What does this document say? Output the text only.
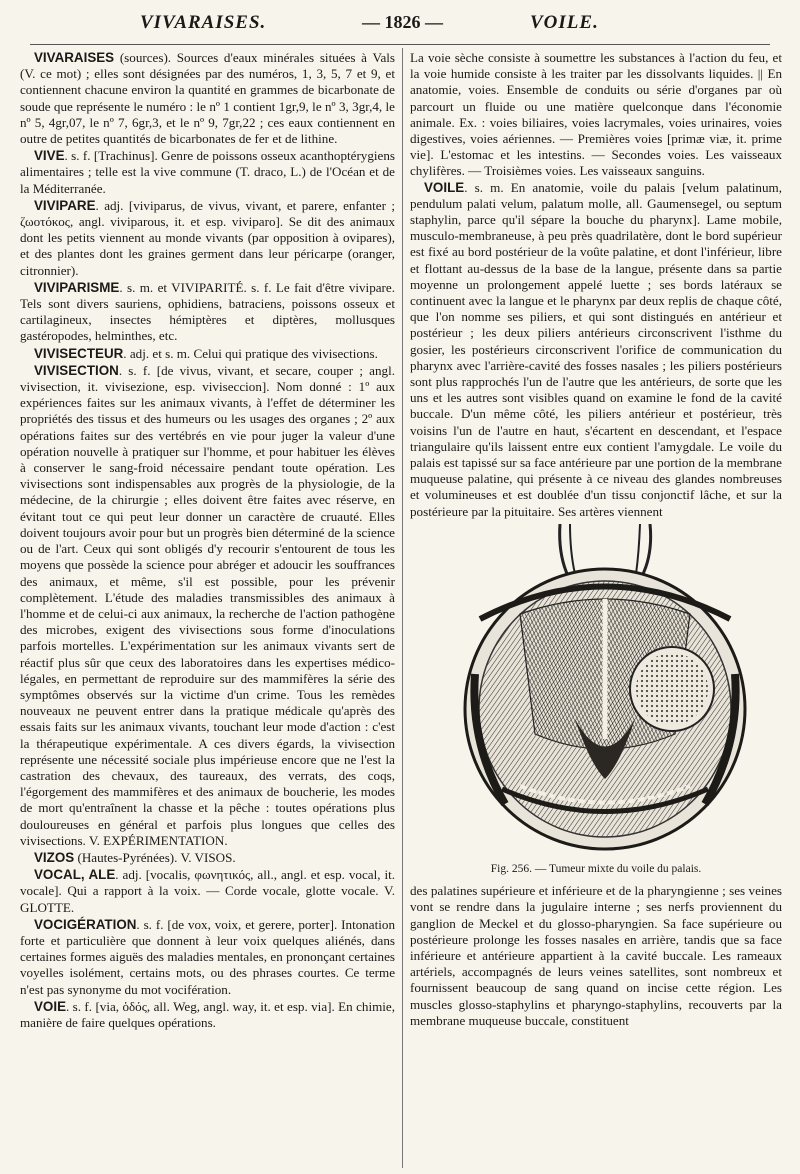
VIVARAISES.	— 1826 —	VOILE.

VIVARAISES (sources). Sources d'eaux minérales situées à Vals (V. ce mot) ; elles sont désignées par des numéros, 1, 3, 5, 7 et 9, et contiennent chacune environ la quantité en grammes de bicarbonate de soude que représente le numéro : le nº 1 contient 1gr,9, le nº 3, 3gr,4, le nº 5, 4gr,07, le nº 7, 6gr,3, et le nº 9, 7gr,22 ; ces eaux contiennent en outre de petites quantités de bicarbonates de fer et de lithine.

VIVE. s. f. [Trachinus]. Genre de poissons osseux acanthoptérygiens alimentaires ; telle est la vive commune (T. draco, L.) de l'Océan et de la Méditerranée.

VIVIPARE. adj. [viviparus, de vivus, vivant, et parere, enfanter ; ζωοτόκος, angl. viviparous, it. et esp. viviparo]. Se dit des animaux dont les petits viennent au monde vivants (par opposition à ovipares), et des plantes dont les graines germent dans leur péricarpe (oranger, citronnier).

VIVIPARISME. s. m. et VIVIPARITÉ. s. f. Le fait d'être vivipare. Tels sont divers sauriens, ophidiens, batraciens, poissons osseux et cartilagineux, insectes hémiptères et diptères, mollusques gastéropodes, helminthes, etc.

VIVISECTEUR. adj. et s. m. Celui qui pratique des vivisections.

VIVISECTION. s. f. [de vivus, vivant, et secare, couper ; angl. vivisection, it. vivisezione, esp. viviseccion]. Nom donné : 1º aux expériences faites sur les animaux vivants, à l'effet de déterminer les propriétés des tissus et des humeurs ou les usages des organes ; 2º aux opérations faites sur des vertébrés en vie pour juger la valeur d'une opération nouvelle à pratiquer sur l'homme, et pour habituer les élèves à conserver le sang-froid nécessaire pendant toute opération. Les vivisections sont indispensables aux progrès de la physiologie, de la médecine, de la chirurgie ; elles doivent être faites avec réserve, en évitant tout ce qui peut leur donner un caractère de cruauté. Elles doivent toujours avoir pour but un progrès bien déterminé de la science ou de l'art. Ceux qui sont obligés d'y recourir s'entourent de tous les moyens que possède la science pour abréger et adoucir les souffrances des animaux, et même, s'il est possible, pour les prévenir complètement. L'étude des maladies transmissibles des animaux à l'homme et de celui-ci aux animaux, la recherche de l'action pathogène des microbes, exigent des vivisections sous forme d'inoculations parfois mortelles. L'expérimentation sur les animaux vivants sert de réactif plus sûr que ceux des laboratoires dans les expertises médico-légales, en permettant de reproduire sur des mammifères la série des symptômes observés sur la victime d'un crime. Tous les remèdes nouveaux ne peuvent entrer dans la pratique médicale qu'après des essais faits sur les animaux vivants, touchant leur mode d'action : c'est la thérapeutique expérimentale. A ces divers égards, la vivisection représente une nécessité sociale plus impérieuse encore que ne l'est la castration des chevaux, des taureaux, des verrats, des coqs, l'égorgement des mammifères et des animaux de boucherie, les modes de mort qu'entraînent la chasse et la pêche : toutes opérations plus douloureuses en général et parfois plus longues que celles des vivisections. V. EXPÉRIMENTATION.

VIZOS (Hautes-Pyrénées). V. VISOS.

VOCAL, ALE. adj. [vocalis, φωνητικός, all., angl. et esp. vocal, it. vocale]. Qui a rapport à la voix. — Corde vocale, glotte vocale. V. GLOTTE.

VOCIGÉRATION. s. f. [de vox, voix, et gerere, porter]. Intonation forte et particulière que donnent à leur voix quelques aliénés, dans certaines formes aiguës des maladies mentales, en prononçant certaines voyelles isolément, certains mots, ou des phrases courtes. Ce terme n'est pas synonyme du mot vocifération.

VOIE. s. f. [via, ὁδός, all. Weg, angl. way, it. et esp. via]. En chimie, manière de faire quelques opérations.

La voie sèche consiste à soumettre les substances à l'action du feu, et la voie humide consiste à les traiter par les dissolvants liquides. || En anatomie, voies. Ensemble de conduits ou série d'organes par où parcourt un fluide ou une matière quelconque dans l'économie animale. Ex. : voies biliaires, voies lacrymales, voies urinaires, voies digestives, voies aériennes. — Premières voies [primæ viæ, it. prime vie]. L'estomac et les intestins. — Secondes voies. Les vaisseaux chylifères. — Troisièmes voies. Les vaisseaux sanguins.

VOILE. s. m. En anatomie, voile du palais [velum palatinum, pendulum palati velum, palatum molle, all. Gaumensegel, ou septum staphylin, parce qu'il sépare la bouche du pharynx]. Lame mobile, musculo-membraneuse, à peu près quadrilatère, dont le bord supérieur est fixé au bord postérieur de la voûte palatine, et dont l'inférieur, libre et flottant au-dessus de la base de la langue, présente dans sa partie moyenne un prolongement appelé luette ; ses bords latéraux se continuent avec la langue et le pharynx par deux replis de chaque côté, que l'on nomme ses piliers, et qui sont distingués en antérieur et postérieur ; les deux piliers antérieurs circonscrivent l'isthme du gosier, les postérieurs circonscrivent l'orifice de communication du pharynx avec l'arrière-cavité des fosses nasales ; les piliers postérieurs sont plus rapprochés l'un de l'autre que les antérieurs, de sorte que les uns et les autres sont visibles quand on examine le fond de la cavité buccale. D'un même côté, les piliers antérieur et postérieur, très voisins l'un de l'autre en haut, s'écartent en descendant, et l'espace triangulaire qu'ils laissent entre eux contient l'amygdale. Le voile du palais est tapissé sur sa face antérieure par une portion de la membrane muqueuse palatine, qui présente à ce niveau des glandes nombreuses et volumineuses et est doublée d'un tissu conjonctif lâche, et sur la postérieure par la pituitaire. Ses artères viennent

Fig. 256. — Tumeur mixte du voile du palais.

des palatines supérieure et inférieure et de la pharyngienne ; ses veines vont se rendre dans la jugulaire interne ; ses nerfs proviennent du ganglion de Meckel et du glosso-pharyngien. Sa face supérieure ou postérieure prolonge les fosses nasales en arrière, tandis que sa face inférieure et antérieure appartient à la cavité buccale. Les rameaux artériels, accompagnés de leurs veines satellites, sont nombreux et fournissent beaucoup de sang quand on incise cette région. Les muscles glosso-staphylins et pharyngo-staphylins, recouverts par la membrane muqueuse buccale, constituent
